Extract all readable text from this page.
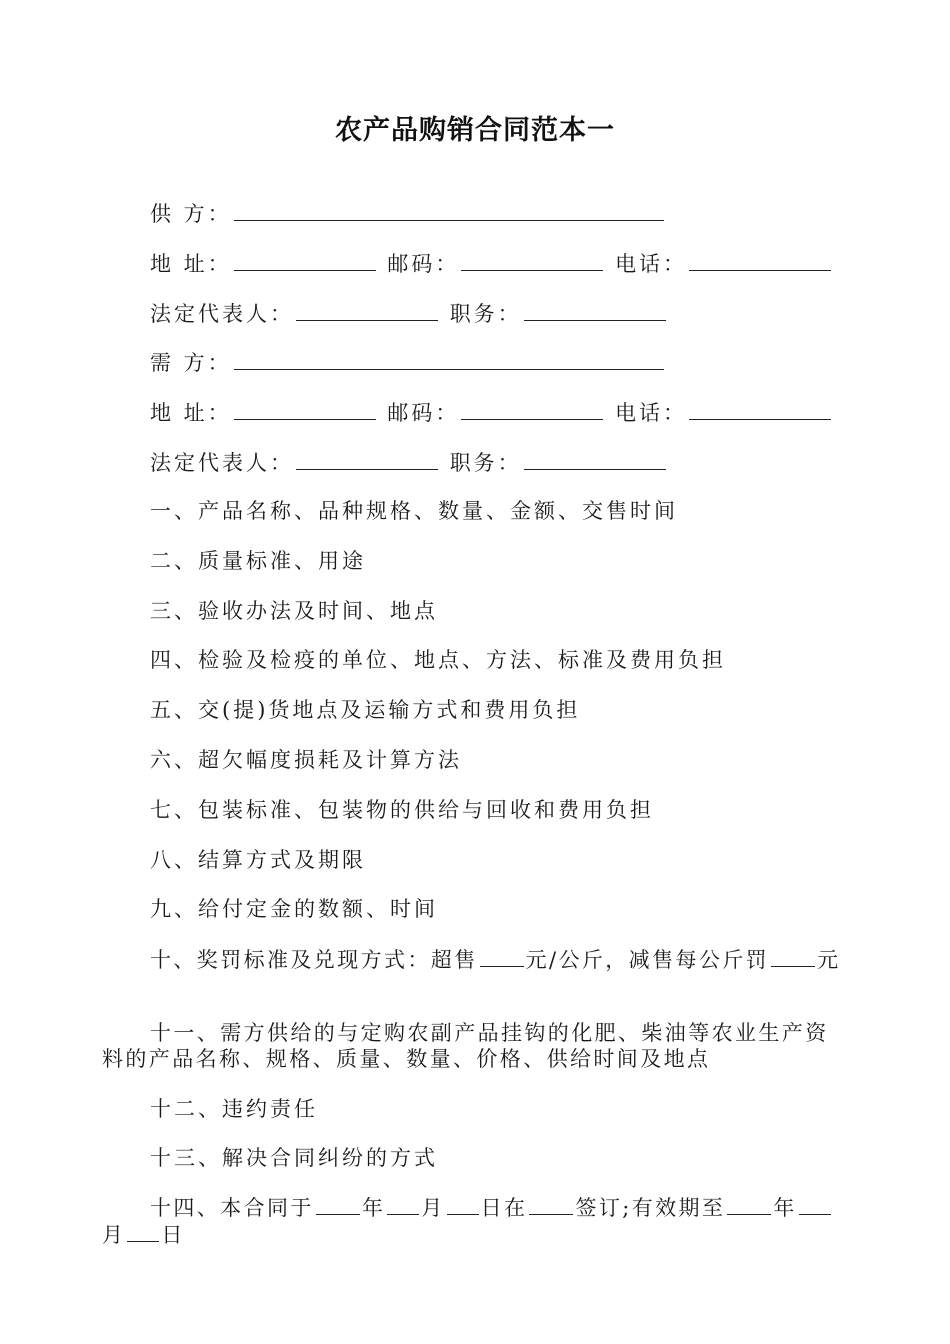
农产品购销合同范本一
供 方：
地 址：	邮码：	电话：
法定代表人：	职务：
需 方：
地 址：	邮码：	电话：
法定代表人：	职务：
一、产品名称、品种规格、数量、金额、交售时间
二、质量标准、用途
三、验收办法及时间、地点
四、检验及检疫的单位、地点、方法、标准及费用负担
五、交(提)货地点及运输方式和费用负担
六、超欠幅度损耗及计算方法
七、包装标准、包装物的供给与回收和费用负担
八、结算方式及期限
九、给付定金的数额、时间
十、奖罚标准及兑现方式：超售 元/公斤，减售每公斤罚 元
十一、需方供给的与定购农副产品挂钩的化肥、柴油等农业生产资料的产品名称、规格、质量、数量、价格、供给时间及地点
十二、违约责任
十三、解决合同纠纷的方式
十四、本合同于 年 月 日在 签订;有效期至 年月 日
